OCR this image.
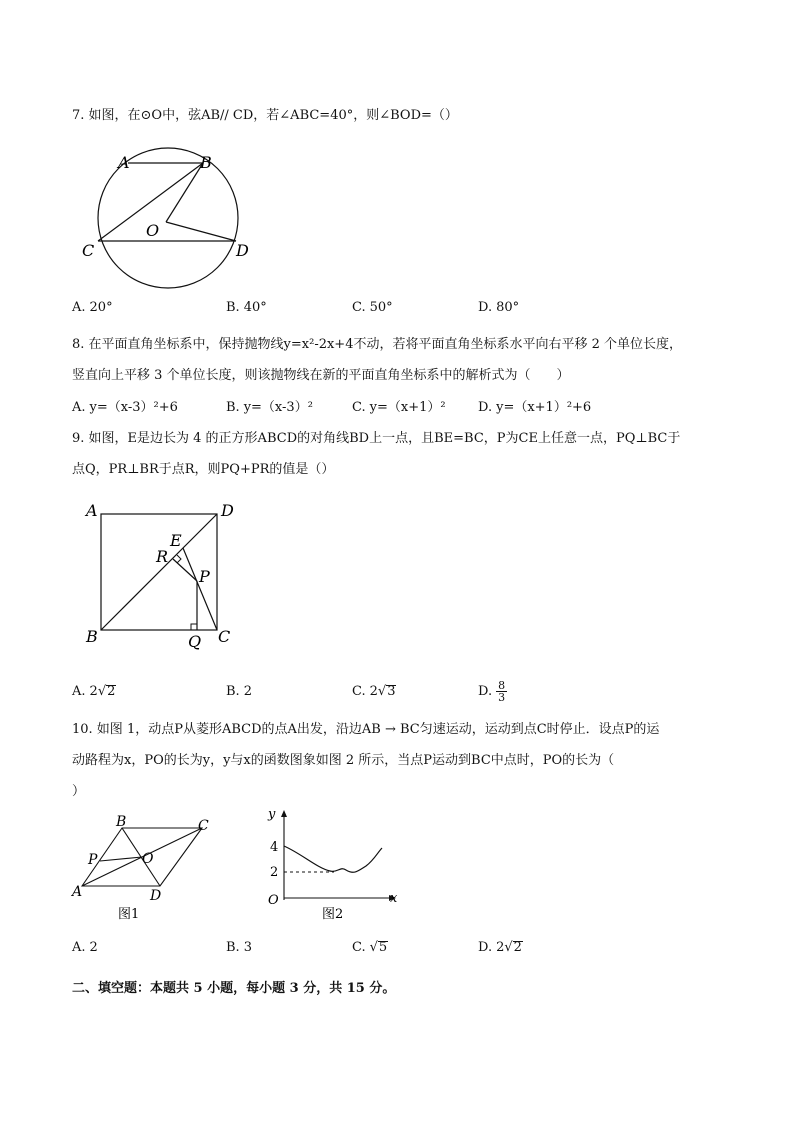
7. 如图，在⊙O中，弦AB// CD，若∠ABC=40°，则∠BOD=（）
A	B
C	D
O
A. 20°	B. 40°	C. 50°	D. 80°
8. 在平面直角坐标系中，保持抛物线y=x²-2x+4不动，若将平面直角坐标系水平向右平移 2 个单位长度，
竖直向上平移 3 个单位长度，则该抛物线在新的平面直角坐标系中的解析式为（　　）
A. y=（x-3）²+6	B. y=（x-3）²	C. y=（x+1）² D. y=（x+1）²+6
9. 如图，E是边长为 4 的正方形ABCD的对角线BD上一点，且BE=BC，P为CE上任意一点，PQ⊥BC于
点Q，PR⊥BR于点R，则PQ+PR的值是（）
A	D
B	C
E
R
P
Q
A. 2√2	B. 2	C. 2√3	D. $\frac{8}{3}$
10. 如图 1，动点P从菱形ABCD的点A出发，沿边AB → BC匀速运动，运动到点C时停止．设点P的运
动路程为x，PO的长为y，y与x的函数图象如图 2 所示，当点P运动到BC中点时，PO的长为（
）
A
B	C
D
O
P
图1
y
x
O
4
2
图2
A. 2	B. 3	C. √5	D. 2√2
二、填空题：本题共 5 小题，每小题 3 分，共 15 分。
